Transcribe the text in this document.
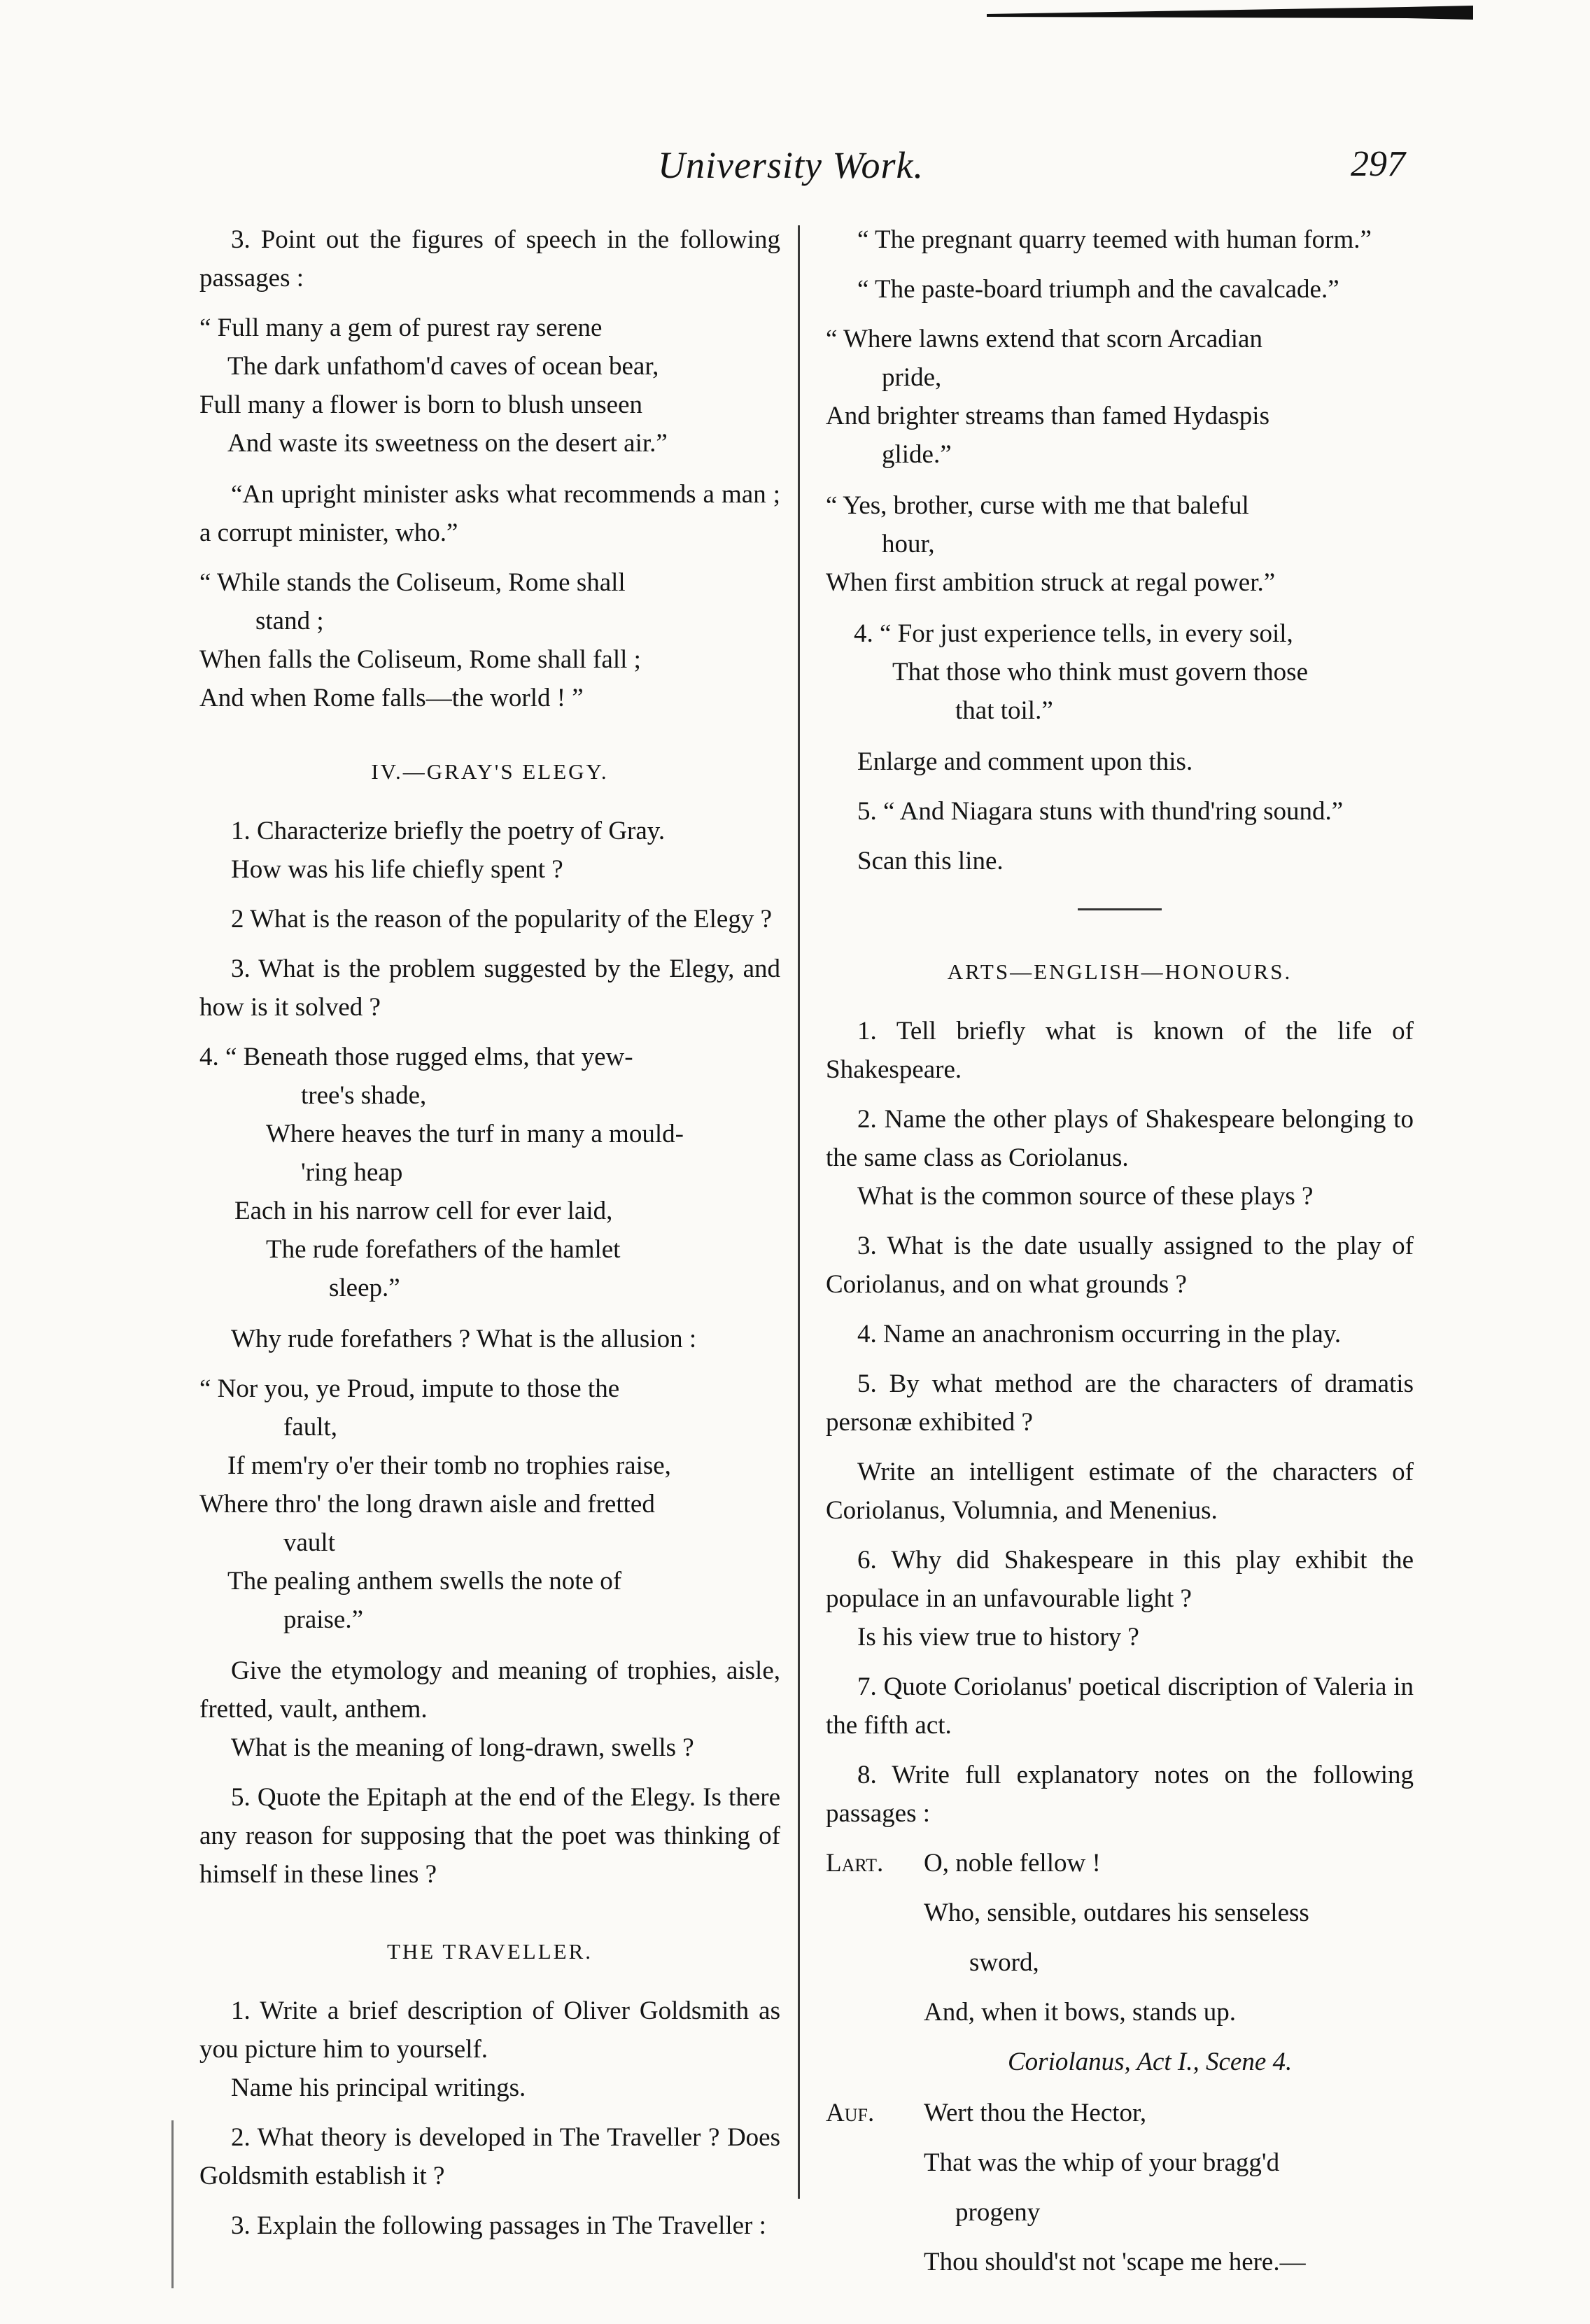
University Work.	297

3. Point out the figures of speech in the following passages :

“ Full many a gem of purest ray serene

The dark unfathom'd caves of ocean bear,

Full many a flower is born to blush unseen

And waste its sweetness on the desert air.”

“An upright minister asks what recommends a man ; a corrupt minister, who.”

“ While stands the Coliseum, Rome shall

stand ;

When falls the Coliseum, Rome shall fall ;

And when Rome falls—the world ! ”

IV.—GRAY'S ELEGY.

1. Characterize briefly the poetry of Gray.

How was his life chiefly spent ?

2 What is the reason of the popularity of the Elegy ?

3. What is the problem suggested by the Elegy, and how is it solved ?

4. “ Beneath those rugged elms, that yew-

tree's shade,

Where heaves the turf in many a mould-

'ring heap

Each in his narrow cell for ever laid,

The rude forefathers of the hamlet

sleep.”

Why rude forefathers ? What is the allusion :

“ Nor you, ye Proud, impute to those the

fault,

If mem'ry o'er their tomb no trophies raise,

Where thro' the long drawn aisle and fretted

vault

The pealing anthem swells the note of

praise.”

Give the etymology and meaning of trophies, aisle, fretted, vault, anthem.

What is the meaning of long-drawn, swells ?

5. Quote the Epitaph at the end of the Elegy. Is there any reason for supposing that the poet was thinking of himself in these lines ?

THE TRAVELLER.

1. Write a brief description of Oliver Goldsmith as you picture him to yourself.

Name his principal writings.

2. What theory is developed in The Traveller ? Does Goldsmith establish it ?

3. Explain the following passages in The Traveller :

“ The pregnant quarry teemed with human form.”

“ The paste-board triumph and the cavalcade.”

“ Where lawns extend that scorn Arcadian

pride,

And brighter streams than famed Hydaspis

glide.”

“ Yes, brother, curse with me that baleful

hour,

When first ambition struck at regal power.”

4. “ For just experience tells, in every soil,

That those who think must govern those

that toil.”

Enlarge and comment upon this.

5. “ And Niagara stuns with thund'ring sound.”

Scan this line.

ARTS—ENGLISH—HONOURS.

1. Tell briefly what is known of the life of Shakespeare.

2. Name the other plays of Shakespeare belonging to the same class as Coriolanus.

What is the common source of these plays ?

3. What is the date usually assigned to the play of Coriolanus, and on what grounds ?

4. Name an anachronism occurring in the play.

5. By what method are the characters of dramatis personæ exhibited ?

Write an intelligent estimate of the characters of Coriolanus, Volumnia, and Menenius.

6. Why did Shakespeare in this play exhibit the populace in an unfavourable light ?

Is his view true to history ?

7. Quote Coriolanus' poetical discription of Valeria in the fifth act.

8. Write full explanatory notes on the following passages :

Lart. O, noble fellow !

Who, sensible, outdares his senseless

sword,

And, when it bows, stands up.

Coriolanus, Act I., Scene 4.

Auf. Wert thou the Hector,

That was the whip of your bragg'd

progeny

Thou should'st not 'scape me here.—
